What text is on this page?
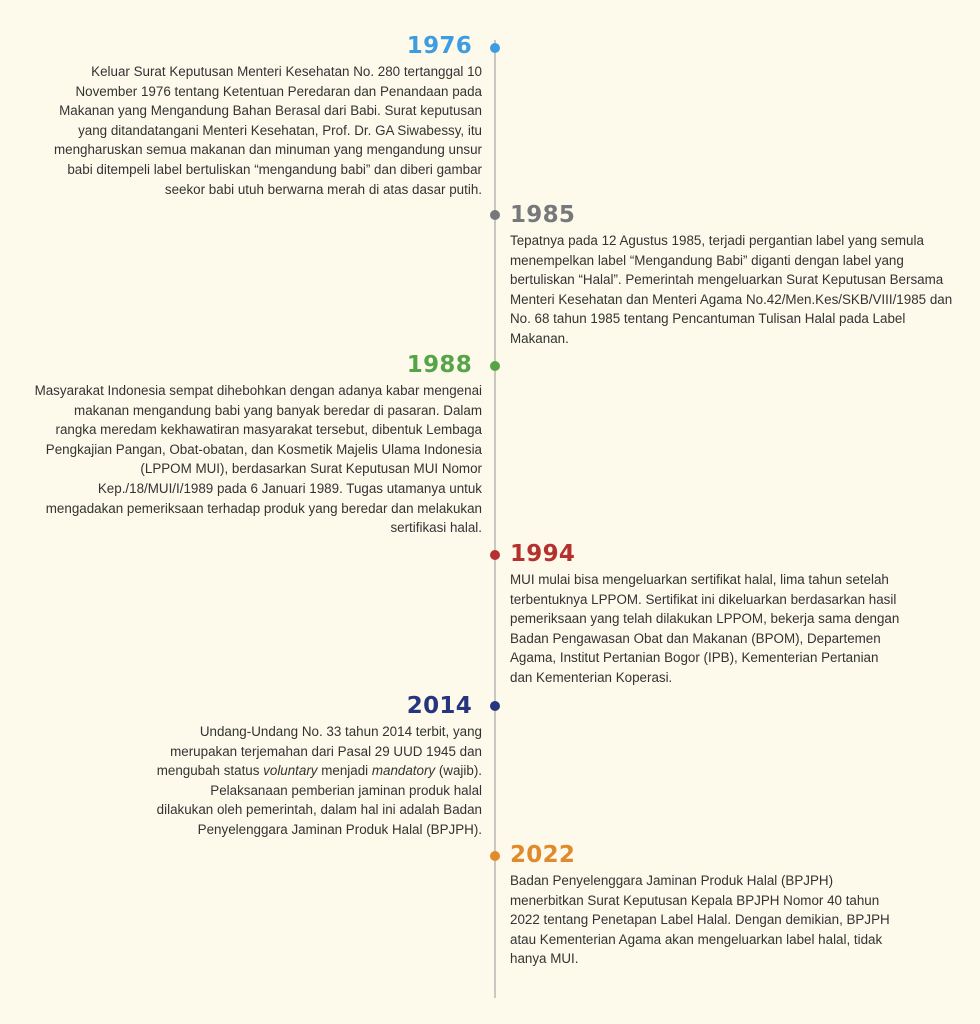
1976
Keluar Surat Keputusan Menteri Kesehatan No. 280 tertanggal 10 November 1976 tentang Ketentuan Peredaran dan Penandaan pada Makanan yang Mengandung Bahan Berasal dari Babi. Surat keputusan yang ditandatangani Menteri Kesehatan, Prof. Dr. GA Siwabessy, itu mengharuskan semua makanan dan minuman yang mengandung unsur babi ditempeli label bertuliskan “mengandung babi” dan diberi gambar seekor babi utuh berwarna merah di atas dasar putih.
1985
Tepatnya pada 12 Agustus 1985, terjadi pergantian label yang semula menempelkan label “Mengandung Babi” diganti dengan label yang bertuliskan “Halal”. Pemerintah mengeluarkan Surat Keputusan Bersama Menteri Kesehatan dan Menteri Agama No.42/Men.Kes/SKB/VIII/1985 dan No. 68 tahun 1985 tentang Pencantuman Tulisan Halal pada Label Makanan.
1988
Masyarakat Indonesia sempat dihebohkan dengan adanya kabar mengenai makanan mengandung babi yang banyak beredar di pasaran. Dalam rangka meredam kekhawatiran masyarakat tersebut, dibentuk Lembaga Pengkajian Pangan, Obat-obatan, dan Kosmetik Majelis Ulama Indonesia (LPPOM MUI), berdasarkan Surat Keputusan MUI Nomor Kep./18/MUI/I/1989 pada 6 Januari 1989. Tugas utamanya untuk mengadakan pemeriksaan terhadap produk yang beredar dan melakukan sertifikasi halal.
1994
MUI mulai bisa mengeluarkan sertifikat halal, lima tahun setelah terbentuknya LPPOM. Sertifikat ini dikeluarkan berdasarkan hasil pemeriksaan yang telah dilakukan LPPOM, bekerja sama dengan Badan Pengawasan Obat dan Makanan (BPOM), Departemen Agama, Institut Pertanian Bogor (IPB), Kementerian Pertanian dan Kementerian Koperasi.
2014
Undang-Undang No. 33 tahun 2014 terbit, yang merupakan terjemahan dari Pasal 29 UUD 1945 dan mengubah status voluntary menjadi mandatory (wajib). Pelaksanaan pemberian jaminan produk halal dilakukan oleh pemerintah, dalam hal ini adalah Badan Penyelenggara Jaminan Produk Halal (BPJPH).
2022
Badan Penyelenggara Jaminan Produk Halal (BPJPH) menerbitkan Surat Keputusan Kepala BPJPH Nomor 40 tahun 2022 tentang Penetapan Label Halal. Dengan demikian, BPJPH atau Kementerian Agama akan mengeluarkan label halal, tidak hanya MUI.
